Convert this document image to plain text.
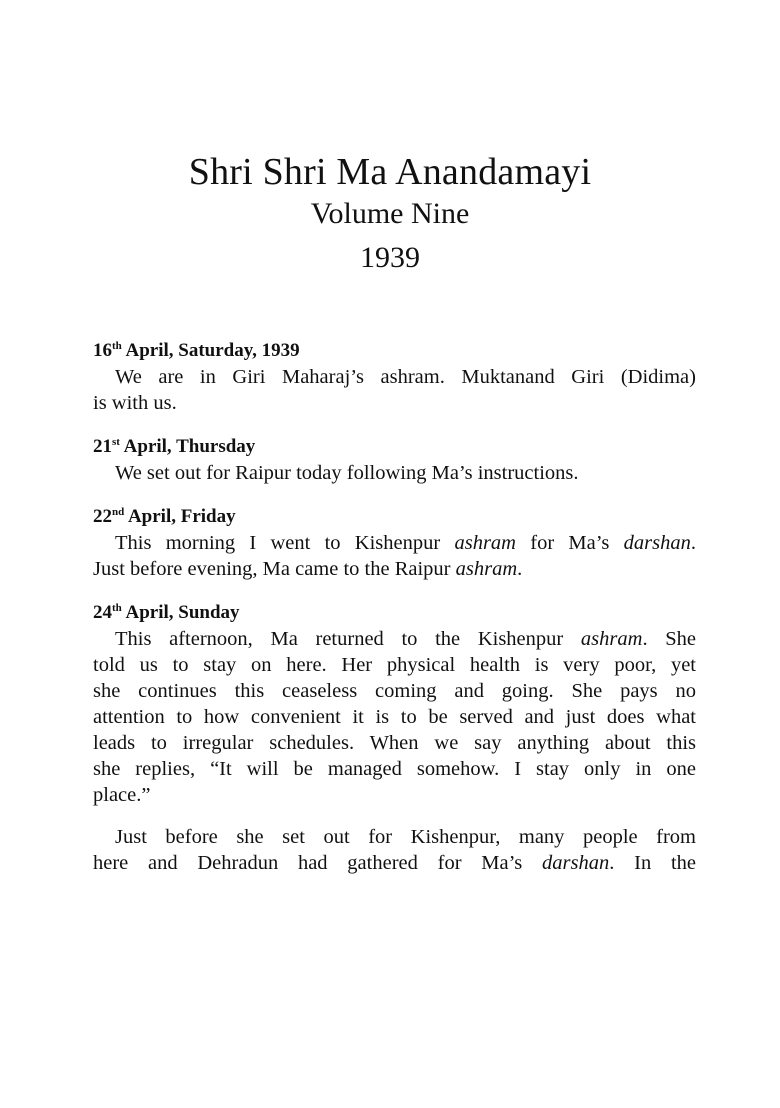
Shri Shri Ma Anandamayi
Volume Nine
1939

16th April, Saturday, 1939

We are in Giri Maharaj’s ashram. Muktanand Giri (Didima)
is with us.

21st April, Thursday

We set out for Raipur today following Ma’s instructions.

22nd April, Friday

This morning I went to Kishenpur ashram for Ma’s darshan.
Just before evening, Ma came to the Raipur ashram.

24th April, Sunday

This afternoon, Ma returned to the Kishenpur ashram. She
told us to stay on here. Her physical health is very poor, yet
she continues this ceaseless coming and going. She pays no
attention to how convenient it is to be served and just does what
leads to irregular schedules. When we say anything about this
she replies, “It will be managed somehow. I stay only in one
place.”

Just before she set out for Kishenpur, many people from
here and Dehradun had gathered for Ma’s darshan. In the
